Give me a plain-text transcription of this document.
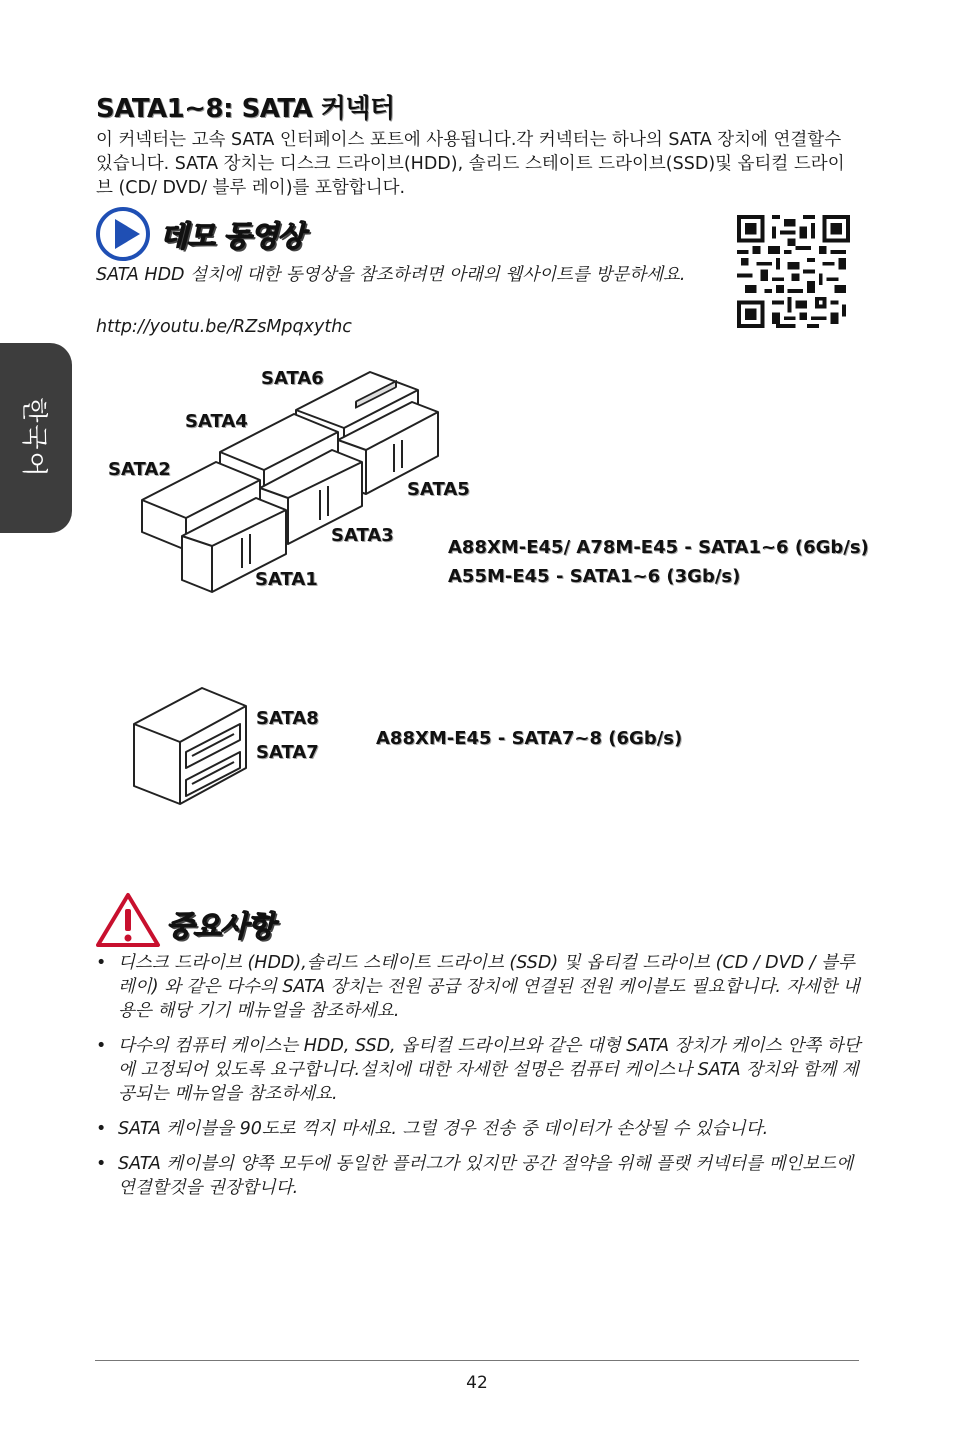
한국어
SATA1~8: SATA 커넥터

이 커넥터는 고속 SATA 인터페이스 포트에 사용됩니다.각 커넥터는 하나의 SATA 장치에 연결할수 있습니다. SATA 장치는 디스크 드라이브(HDD), 솔리드 스테이트 드라이브(SSD)및 옵티컬 드라이브 (CD/ DVD/ 블루 레이)를 포함합니다.

데모 동영상

SATA HDD 설치에 대한 동영상을 참조하려면 아래의 웹사이트를 방문하세요.

http://youtu.be/RZsMpqxythc
SATA6
SATA4
SATA2
SATA5
SATA3
SATA1
A88XM-E45/ A78M-E45 - SATA1~6 (6Gb/s)
A55M-E45 - SATA1~6 (3Gb/s)
SATA8
SATA7
A88XM-E45 - SATA7~8 (6Gb/s)
중요사항
• 디스크 드라이브 (HDD),솔리드 스테이트 드라이브 (SSD) 및 옵티컬 드라이브 (CD / DVD / 블루 레이) 와 같은 다수의 SATA 장치는 전원 공급 장치에 연결된 전원 케이블도 필요합니다. 자세한 내용은 해당 기기 메뉴얼을 참조하세요.
• 다수의 컴퓨터 케이스는 HDD, SSD, 옵티컬 드라이브와 같은 대형 SATA 장치가 케이스 안쪽 하단에 고정되어 있도록 요구합니다.설치에 대한 자세한 설명은 컴퓨터 케이스나 SATA 장치와 함께 제공되는 메뉴얼을 참조하세요.
• SATA 케이블을 90도로 꺽지 마세요. 그럴 경우 전송 중 데이터가 손상될 수 있습니다.
• SATA 케이블의 양쪽 모두에 동일한 플러그가 있지만 공간 절약을 위해 플랫 커넥터를 메인보드에 연결할것을 권장합니다.
42
